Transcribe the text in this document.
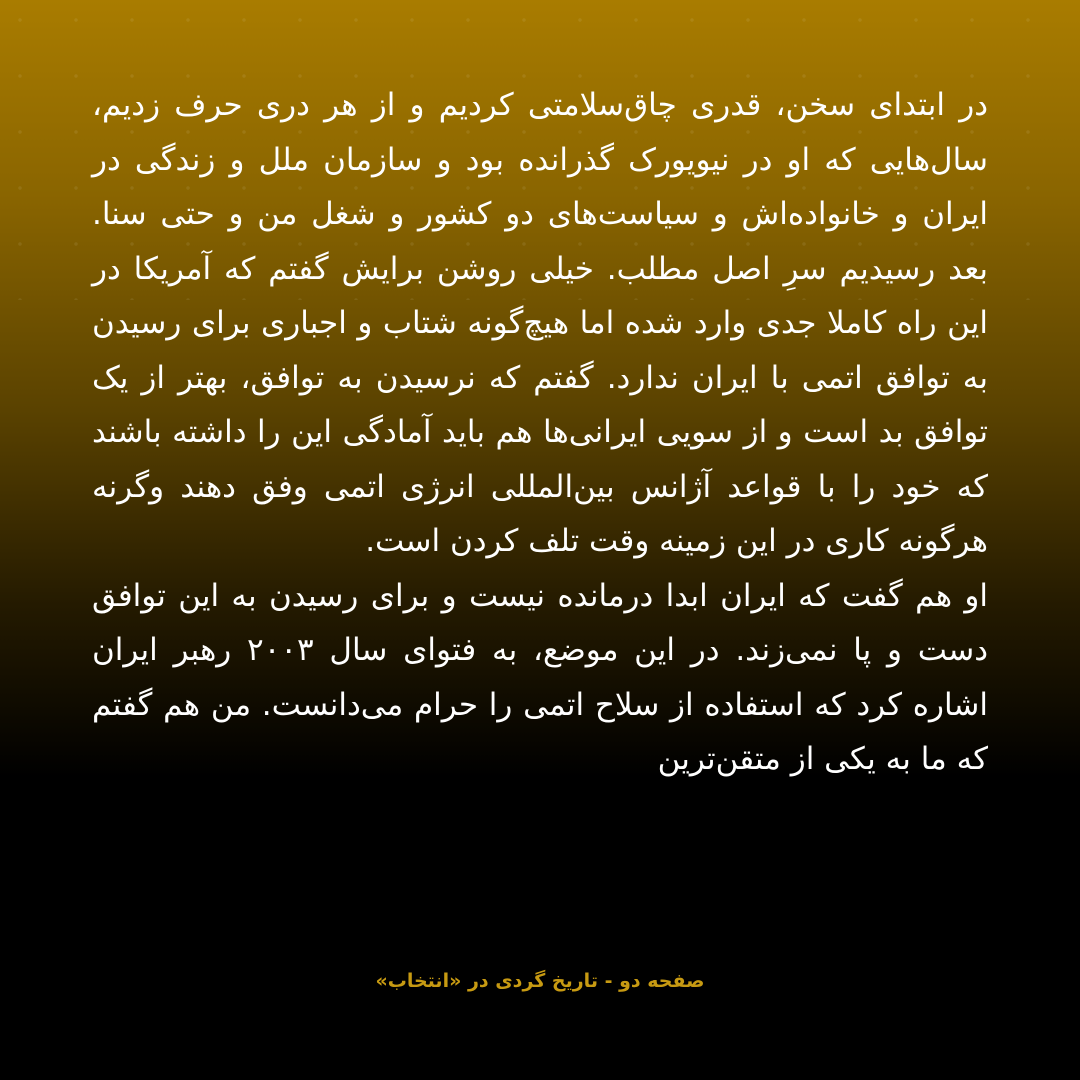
در ابتدای سخن، قدری چاق‌سلامتی کردیم و از هر دری حرف زدیم، سال‌هایی که او در نیویورک گذرانده بود و سازمان ملل و زندگی در ایران و خانواده‌اش و سیاست‌های دو کشور و شغل من و حتی سنا. بعد رسیدیم سرِ اصل مطلب. خیلی روشن برایش گفتم که آمریکا در این راه کاملا جدی وارد شده اما هیچ‌گونه شتاب و اجباری برای رسیدن به توافق اتمی با ایران ندارد. گفتم که نرسیدن به توافق، بهتر از یک توافق بد است و از سویی ایرانی‌ها هم باید آمادگی این را داشته باشند که خود را با قواعد آژانس بین‌المللی انرژی اتمی وفق دهند وگرنه هرگونه کاری در این زمینه وقت تلف کردن است.

او هم گفت که ایران ابدا درمانده نیست و برای رسیدن به این توافق دست و پا نمی‌زند. در این موضع، به فتوای سال ۲۰۰۳ رهبر ایران اشاره کرد که استفاده از سلاح اتمی را حرام می‌دانست. من هم گفتم که ما به یکی از متقن‌ترین

صفحه دو - تاریخ گردی در «انتخاب»
